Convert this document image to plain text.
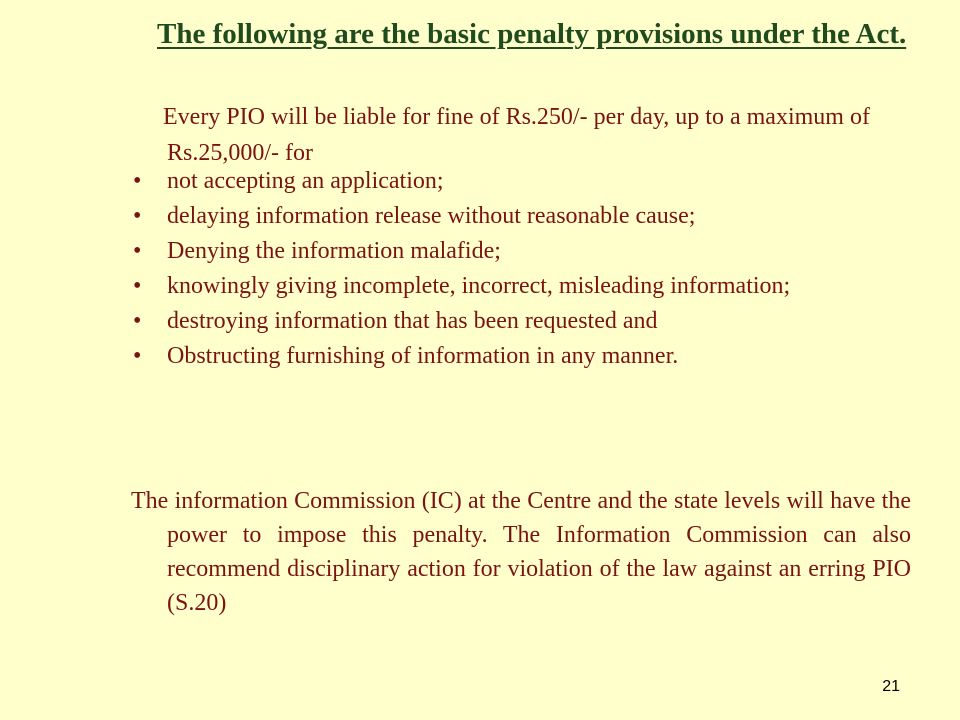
The following are the basic penalty provisions under the Act.

Every PIO will be liable for fine of Rs.250/- per day, up to a maximum of Rs.25,000/- for

• not accepting an application;
• delaying information release without reasonable cause;
• Denying the information malafide;
• knowingly giving incomplete, incorrect, misleading information;
• destroying information that has been requested and
• Obstructing furnishing of information in any manner.

The information Commission (IC) at the Centre and the state levels will have the power to impose this penalty. The Information Commission can also recommend disciplinary action for violation of the law against an erring PIO (S.20)

21
